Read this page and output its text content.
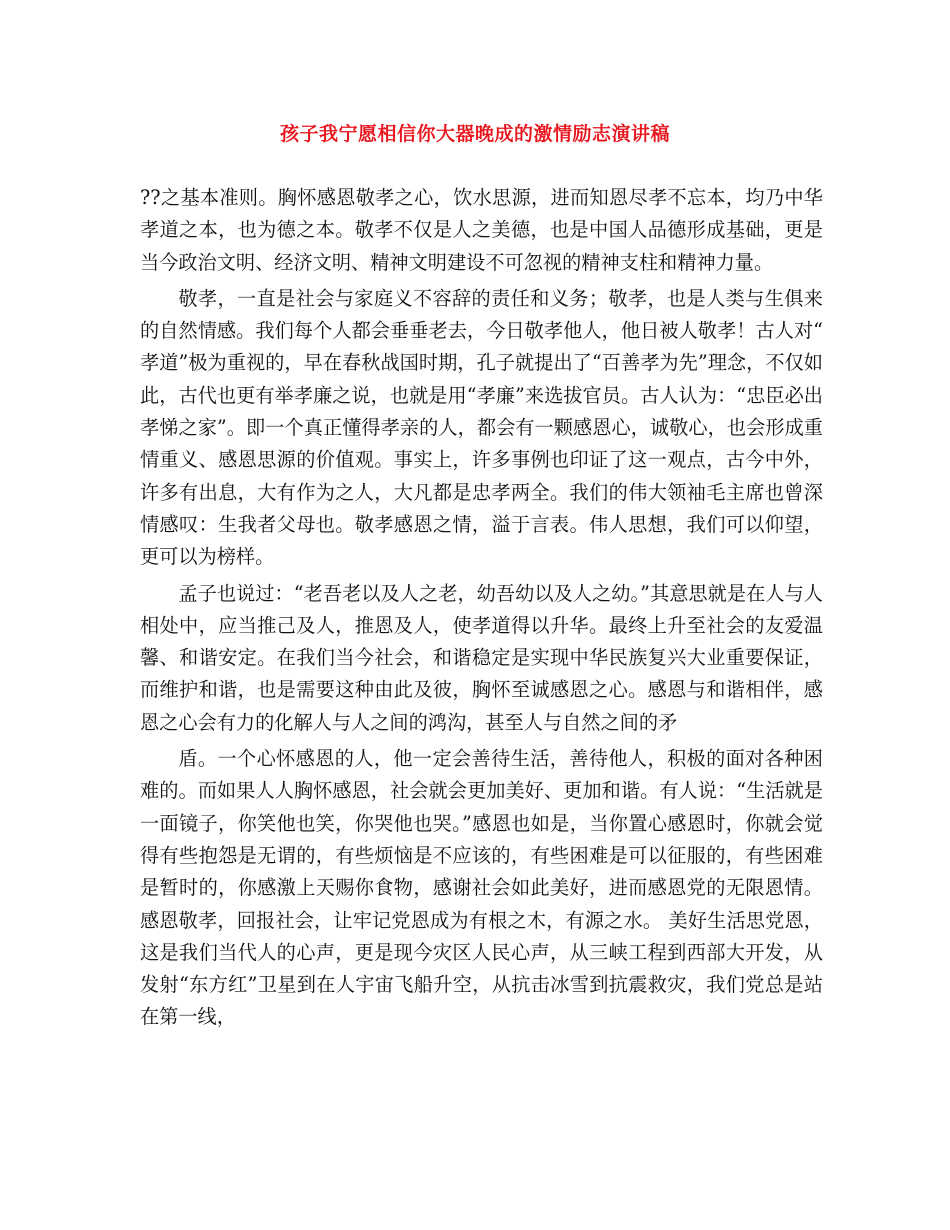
孩子我宁愿相信你大器晚成的激情励志演讲稿

??之基本准则。胸怀感恩敬孝之心，饮水思源，进而知恩尽孝不忘本，均乃中华孝道之本，也为德之本。敬孝不仅是人之美德，也是中国人品德形成基础，更是当今政治文明、经济文明、精神文明建设不可忽视的精神支柱和精神力量。

敬孝，一直是社会与家庭义不容辞的责任和义务；敬孝，也是人类与生俱来的自然情感。我们每个人都会垂垂老去，今日敬孝他人，他日被人敬孝！古人对“孝道”极为重视的，早在春秋战国时期，孔子就提出了“百善孝为先”理念，不仅如此，古代也更有举孝廉之说，也就是用“孝廉”来选拔官员。古人认为：“忠臣必出孝悌之家”。即一个真正懂得孝亲的人，都会有一颗感恩心，诚敬心，也会形成重情重义、感恩思源的价值观。事实上，许多事例也印证了这一观点，古今中外，许多有出息，大有作为之人，大凡都是忠孝两全。我们的伟大领袖毛主席也曾深情感叹：生我者父母也。敬孝感恩之情，溢于言表。伟人思想，我们可以仰望，更可以为榜样。

孟子也说过：“老吾老以及人之老，幼吾幼以及人之幼。”其意思就是在人与人相处中，应当推己及人，推恩及人，使孝道得以升华。最终上升至社会的友爱温馨、和谐安定。在我们当今社会，和谐稳定是实现中华民族复兴大业重要保证，而维护和谐，也是需要这种由此及彼，胸怀至诚感恩之心。感恩与和谐相伴，感恩之心会有力的化解人与人之间的鸿沟，甚至人与自然之间的矛

盾。一个心怀感恩的人，他一定会善待生活，善待他人，积极的面对各种困难的。而如果人人胸怀感恩，社会就会更加美好、更加和谐。有人说：“生活就是一面镜子，你笑他也笑，你哭他也哭。”感恩也如是，当你置心感恩时，你就会觉得有些抱怨是无谓的，有些烦恼是不应该的，有些困难是可以征服的，有些困难是暂时的，你感激上天赐你食物，感谢社会如此美好，进而感恩党的无限恩情。感恩敬孝，回报社会，让牢记党恩成为有根之木，有源之水。 美好生活思党恩，这是我们当代人的心声，更是现今灾区人民心声，从三峡工程到西部大开发，从发射“东方红”卫星到在人宇宙飞船升空，从抗击冰雪到抗震救灾，我们党总是站在第一线，
